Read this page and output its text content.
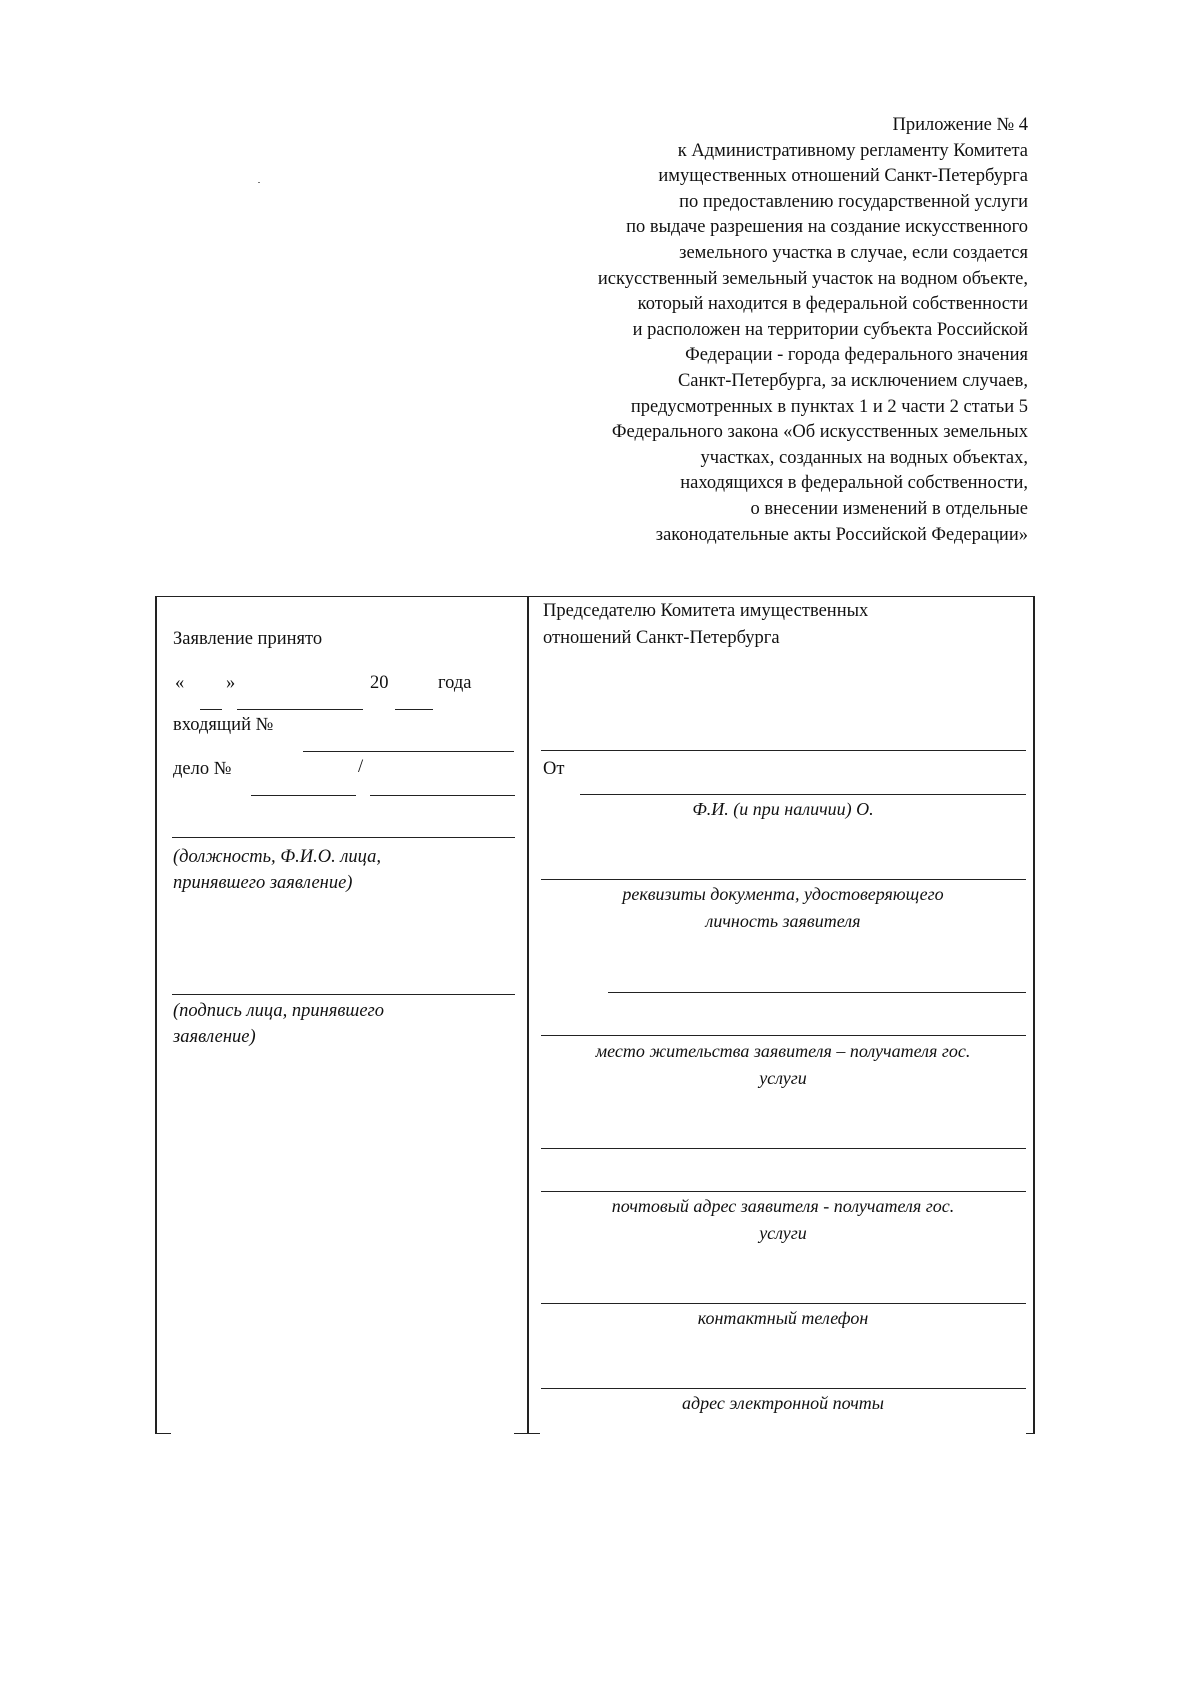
Приложение № 4
к Административному регламенту Комитета
имущественных отношений Санкт-Петербурга
по предоставлению государственной услуги
по выдаче разрешения на создание искусственного
земельного участка в случае, если создается
искусственный земельный участок на водном объекте,
который находится в федеральной собственности
и расположен на территории субъекта Российской
Федерации - города федерального значения
Санкт-Петербурга, за исключением случаев,
предусмотренных в пунктах 1 и 2 части 2 статьи 5
Федерального закона «Об искусственных земельных
участках, созданных на водных объектах,
находящихся в федеральной собственности,
о внесении изменений в отдельные
законодательные акты Российской Федерации»
Заявление принято
« »	20	года
входящий №
дело №	/
(должность, Ф.И.О. лица,
принявшего заявление)
(подпись лица, принявшего
заявление)
Председателю Комитета имущественных
отношений Санкт-Петербурга
От
Ф.И. (и при наличии) О.
реквизиты документа, удостоверяющего
личность заявителя
место жительства заявителя – получателя гос.
услуги
почтовый адрес заявителя - получателя гос.
услуги
контактный телефон
адрес электронной почты
